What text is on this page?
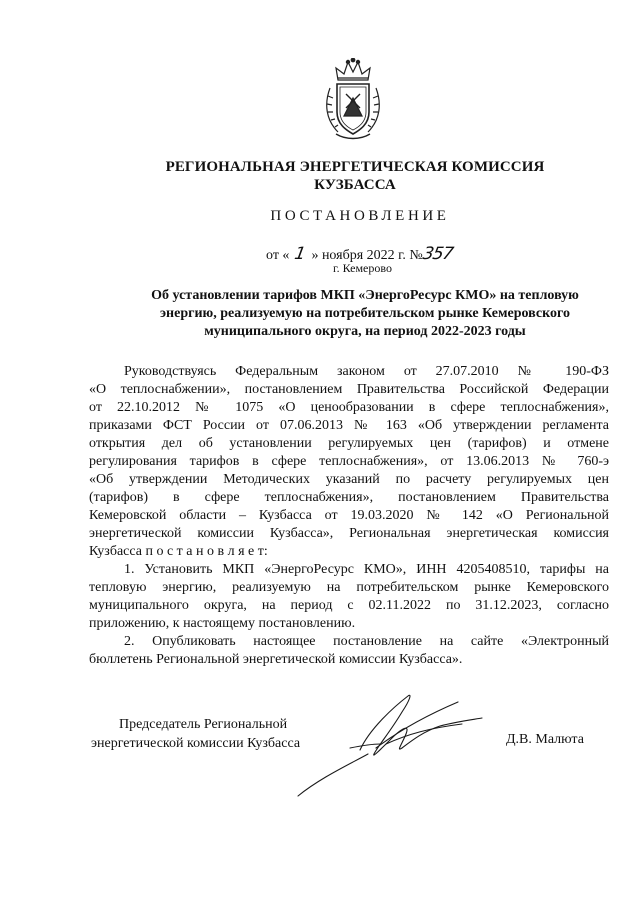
РЕГИОНАЛЬНАЯ ЭНЕРГЕТИЧЕСКАЯ КОМИССИЯ
КУЗБАССА
ПОСТАНОВЛЕНИЕ
от « 1 » ноября 2022 г. №357
г. Кемерово
Об установлении тарифов МКП «ЭнергоРесурс КМО» на тепловую
энергию, реализуемую на потребительском рынке Кемеровского
муниципального округа, на период 2022-2023 годы
Руководствуясь Федеральным законом от 27.07.2010 № 190-ФЗ
«О теплоснабжении», постановлением Правительства Российской Федерации
от 22.10.2012 № 1075 «О ценообразовании в сфере теплоснабжения»,
приказами ФСТ России от 07.06.2013 № 163 «Об утверждении регламента
открытия дел об установлении регулируемых цен (тарифов) и отмене
регулирования тарифов в сфере теплоснабжения», от 13.06.2013 № 760-э
«Об утверждении Методических указаний по расчету регулируемых цен
(тарифов) в сфере теплоснабжения», постановлением Правительства
Кемеровской области – Кузбасса от 19.03.2020 № 142 «О Региональной
энергетической комиссии Кузбасса», Региональная энергетическая комиссия
Кузбасса п о с т а н о в л я е т:
1. Установить МКП «ЭнергоРесурс КМО», ИНН 4205408510, тарифы на
тепловую энергию, реализуемую на потребительском рынке Кемеровского
муниципального округа, на период с 02.11.2022 по 31.12.2023, согласно
приложению, к настоящему постановлению.
2. Опубликовать настоящее постановление на сайте «Электронный
бюллетень Региональной энергетической комиссии Кузбасса».
Председатель Региональной
энергетической комиссии Кузбасса	Д.В. Малюта
